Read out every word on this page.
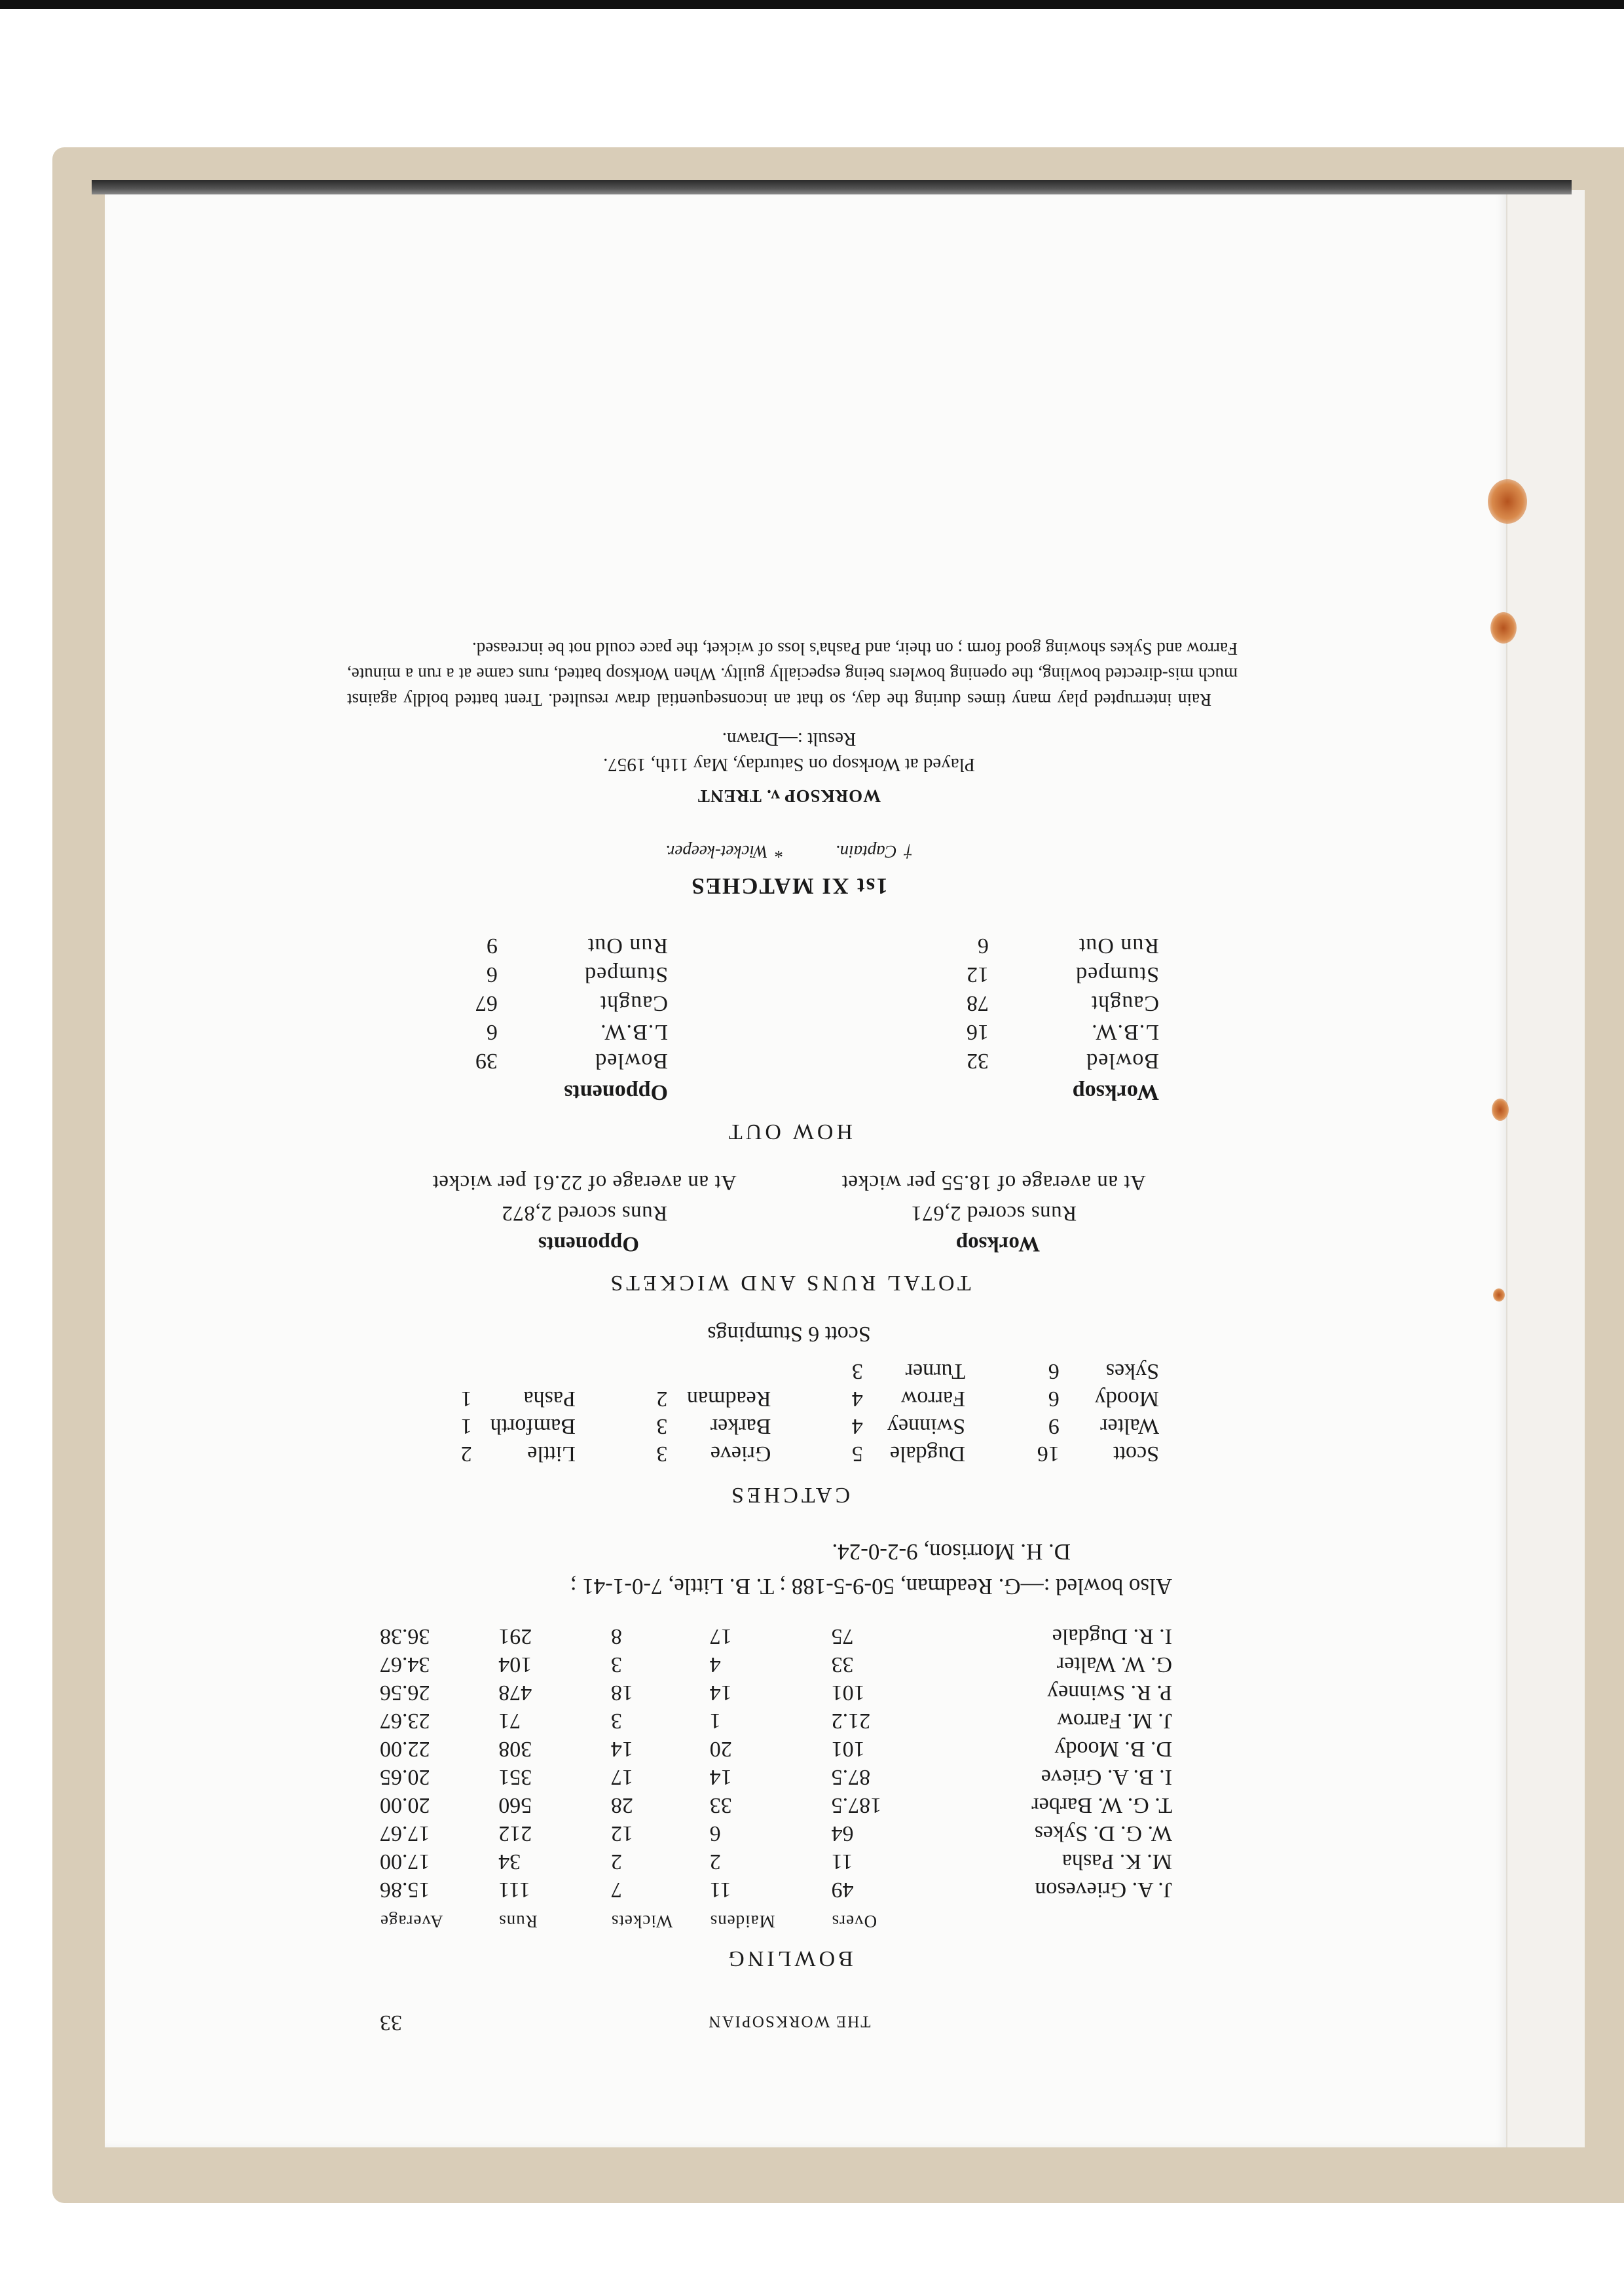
THE WORKSOPIAN
33
BOWLING
	Overs	Maidens	Wickets	Runs	Average
J. A. Grieveson	49	11	7	111	15.86
M. K. Pasha	11	2	2	34	17.00
W. G. D. Sykes	64	6	12	212	17.67
T. G. W. Barber	187.5	33	28	560	20.00
I. B. A. Grieve	87.5	14	17	351	20.65
D. B. Moody	101	20	14	308	22.00
J. M. Farrow	21.2	1	3	71	23.67
P. R. Swinney	101	14	18	478	26.56
G. W. Walter	33	4	3	104	34.67
I. R. Dugdale	75	17	8	291	36.38
Also bowled :—G. Readman, 50-9-5-188 ; T. B. Little, 7-0-1-41 ;
D. H. Morrison, 9-2-0-24.
CATCHES
Scott	16	Dugdale	5	Grieve	3	Little	2
Walter	9	Swinney	4	Barker	3	Bamforth	1
Moody	6	Farrow	4	Readman	2	Pasha	1
Sykes	6	Turner	3				
Scott 6 Stumpings
TOTAL RUNS AND WICKETS
Worksop
Opponents
Runs scored 2,671
Runs scored 2,872
At an average of 18.55 per wicket
At an average of 22.61 per wicket
HOW OUT
Worksop
Bowled	32
L.B.W.	16
Caught	78
Stumped	12
Run Out	6
Opponents
Bowled	39
L.B.W.	6
Caught	67
Stumped	6
Run Out	9
1st XI MATCHES
† Captain. * Wicket-keeper.
WORKSOP v. TRENT
Played at Worksop on Saturday, May 11th, 1957.
Result :—Drawn.
Rain interrupted play many times during the day, so that an inconsequential draw resulted. Trent batted boldly against much mis-directed bowling, the opening bowlers being especially guilty. When Worksop batted, runs came at a run a minute, Farrow and Sykes showing good form ; on their, and Pasha's loss of wicket, the pace could not be increased.
